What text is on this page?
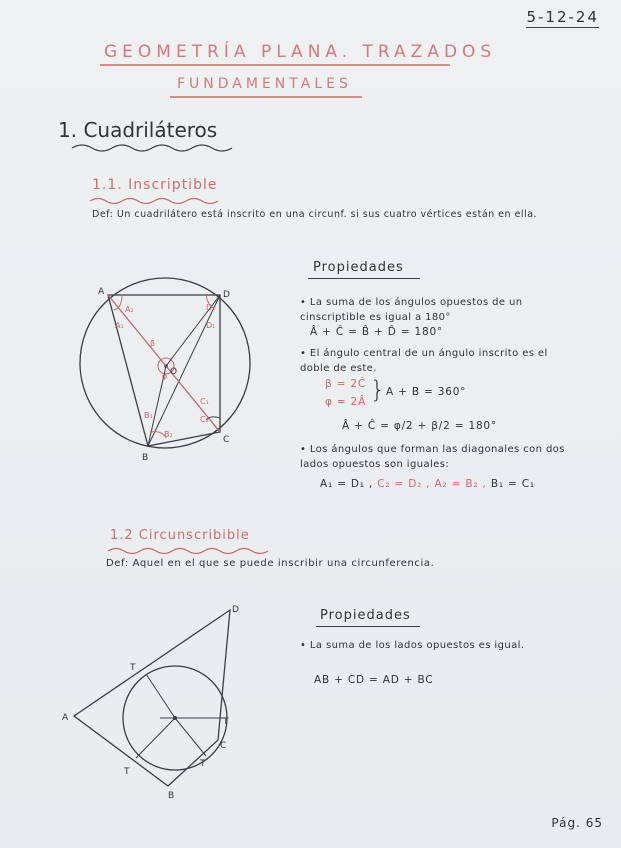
5-12-24
GEOMETRÍA PLANA. TRAZADOS
FUNDAMENTALES
1. Cuadriláteros
1.1. Inscriptible
Def: Un cuadrilátero está inscrito en una circunf. si sus cuatro vértices están en ella.
A	D
C
B
O
A₂
A₁
D₂
D₁
B₂
B₁	C₂
C₁
β
φ
Propiedades
• La suma de los ángulos opuestos de un cinscriptible es igual a 180°
Â + Ĉ = B̂ + D̂ = 180°
• El ángulo central de un ángulo inscrito es el doble de este.
β = 2Ĉ
φ = 2Â } A + B = 360°
Â + Ĉ = φ/2 + β/2 = 180°
• Los ángulos que forman las diagonales con dos lados opuestos son iguales:
A₁ = D₁ , C₂ = D₂ , A₂ = B₂ , B₁ = C₁
1.2 Circunscribible
Def: Aquel en el que se puede inscribir una circunferencia.
A
D
C
B
T
T
T
T
Propiedades
• La suma de los lados opuestos es igual.
AB + CD = AD + BC
Pág. 65
